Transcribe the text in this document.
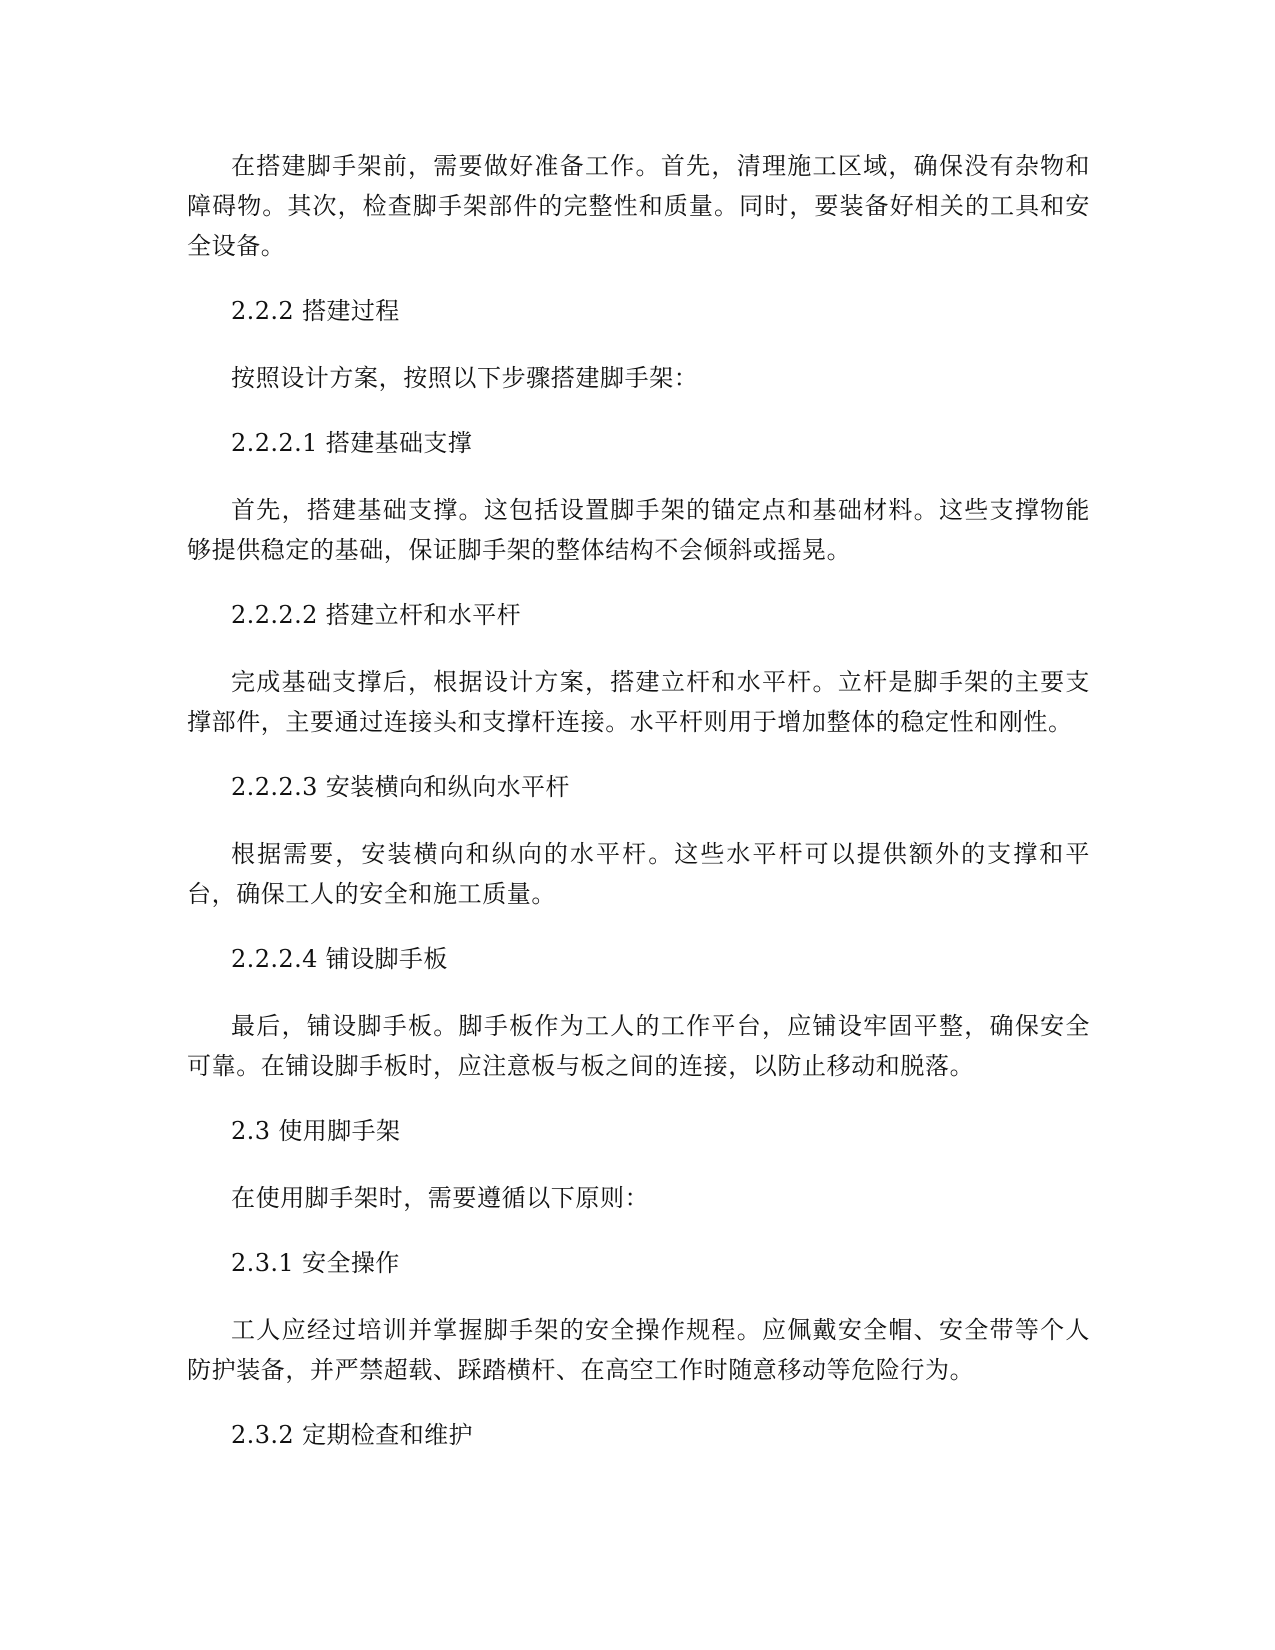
在搭建脚手架前，需要做好准备工作。首先，清理施工区域，确保没有杂物和障碍物。其次，检查脚手架部件的完整性和质量。同时，要装备好相关的工具和安全设备。

2.2.2 搭建过程

按照设计方案，按照以下步骤搭建脚手架：

2.2.2.1 搭建基础支撑

首先，搭建基础支撑。这包括设置脚手架的锚定点和基础材料。这些支撑物能够提供稳定的基础，保证脚手架的整体结构不会倾斜或摇晃。

2.2.2.2 搭建立杆和水平杆

完成基础支撑后，根据设计方案，搭建立杆和水平杆。立杆是脚手架的主要支撑部件，主要通过连接头和支撑杆连接。水平杆则用于增加整体的稳定性和刚性。

2.2.2.3 安装横向和纵向水平杆

根据需要，安装横向和纵向的水平杆。这些水平杆可以提供额外的支撑和平台，确保工人的安全和施工质量。

2.2.2.4 铺设脚手板

最后，铺设脚手板。脚手板作为工人的工作平台，应铺设牢固平整，确保安全可靠。在铺设脚手板时，应注意板与板之间的连接，以防止移动和脱落。

2.3 使用脚手架

在使用脚手架时，需要遵循以下原则：

2.3.1 安全操作

工人应经过培训并掌握脚手架的安全操作规程。应佩戴安全帽、安全带等个人防护装备，并严禁超载、踩踏横杆、在高空工作时随意移动等危险行为。

2.3.2 定期检查和维护
